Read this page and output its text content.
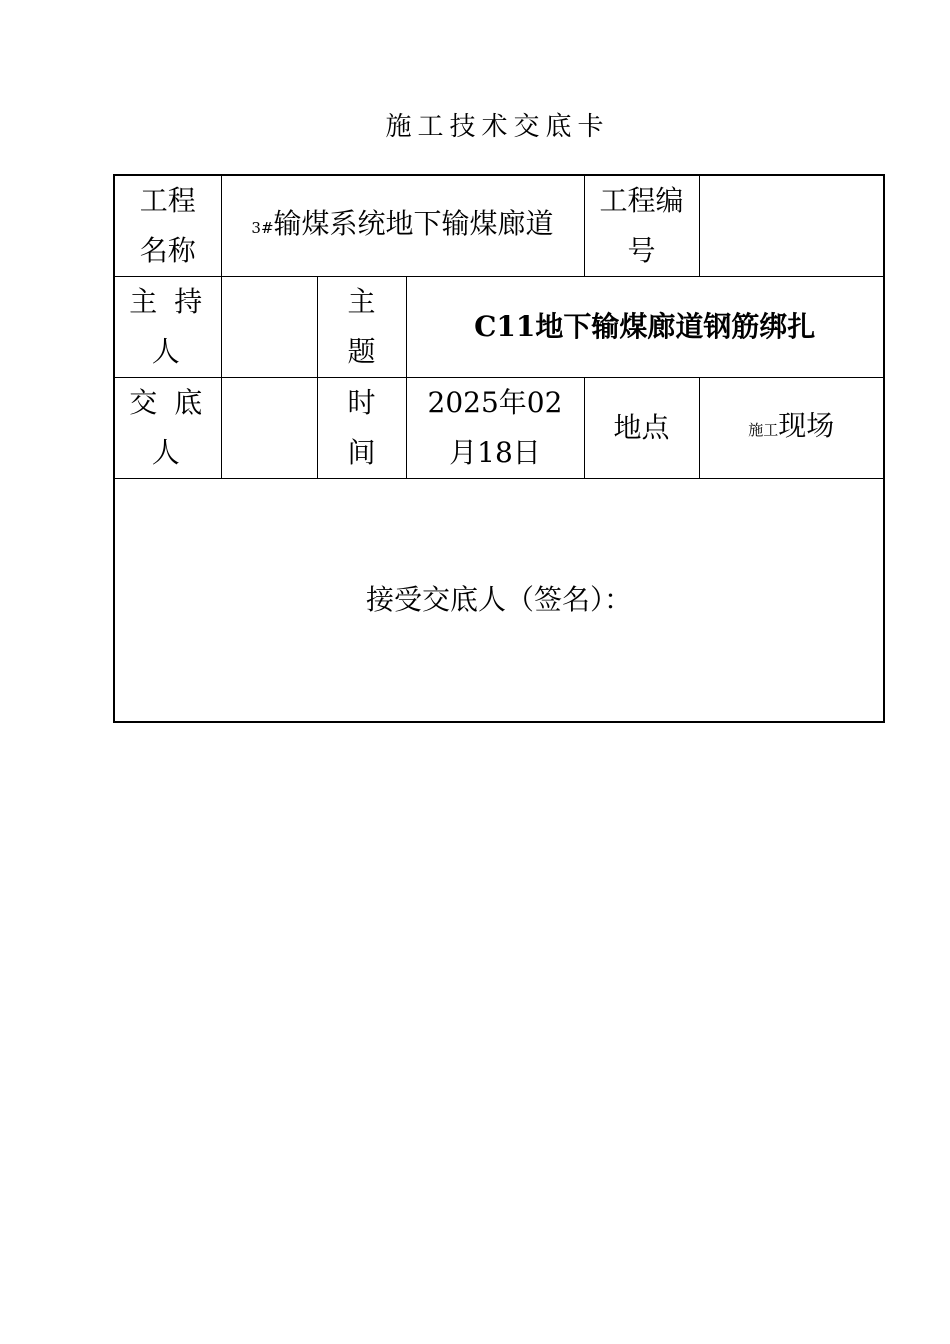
施工技术交底卡
工程名称	3#输煤系统地下输煤廊道			工程编号	
主 持人		主题	C11地下输煤廊道钢筋绑扎		
交 底人		时间	2025年02月18日	地点	施工现场
接受交底人（签名）：					
